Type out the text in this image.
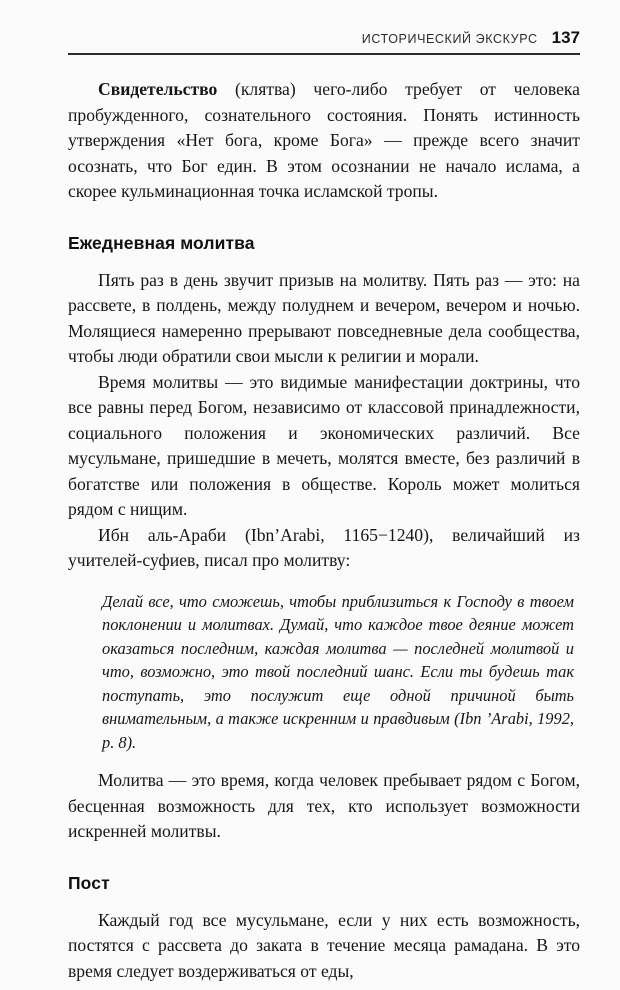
ИСТОРИЧЕСКИЙ ЭКСКУРС 137

Свидетельство (клятва) чего-либо требует от человека пробужденного, сознательного состояния. Понять истинность утверждения «Нет бога, кроме Бога» — прежде всего значит осознать, что Бог един. В этом осознании не начало ислама, а скорее кульминационная точка исламской тропы.

Ежедневная молитва

Пять раз в день звучит призыв на молитву. Пять раз — это: на рассвете, в полдень, между полуднем и вечером, вечером и ночью. Молящиеся намеренно прерывают повседневные дела сообщества, чтобы люди обратили свои мысли к религии и морали.

Время молитвы — это видимые манифестации доктрины, что все равны перед Богом, независимо от классовой принадлежности, социального положения и экономических различий. Все мусульмане, пришедшие в мечеть, молятся вместе, без различий в богатстве или положения в обществе. Король может молиться рядом с нищим.

Ибн аль-Араби (Ibn’Arabi, 1165−1240), величайший из учителей-суфиев, писал про молитву:

Делай все, что сможешь, чтобы приблизиться к Господу в твоем поклонении и молитвах. Думай, что каждое твое деяние может оказаться последним, каждая молитва — последней молитвой и что, возможно, это твой последний шанс. Если ты будешь так поступать, это послужит еще одной причиной быть внимательным, а также искренним и правдивым (Ibn ’Arabi, 1992, p. 8).

Молитва — это время, когда человек пребывает рядом с Богом, бесценная возможность для тех, кто использует возможности искренней молитвы.

Пост

Каждый год все мусульмане, если у них есть возможность, постятся с рассвета до заката в течение месяца рамадана. В это время следует воздерживаться от еды,
